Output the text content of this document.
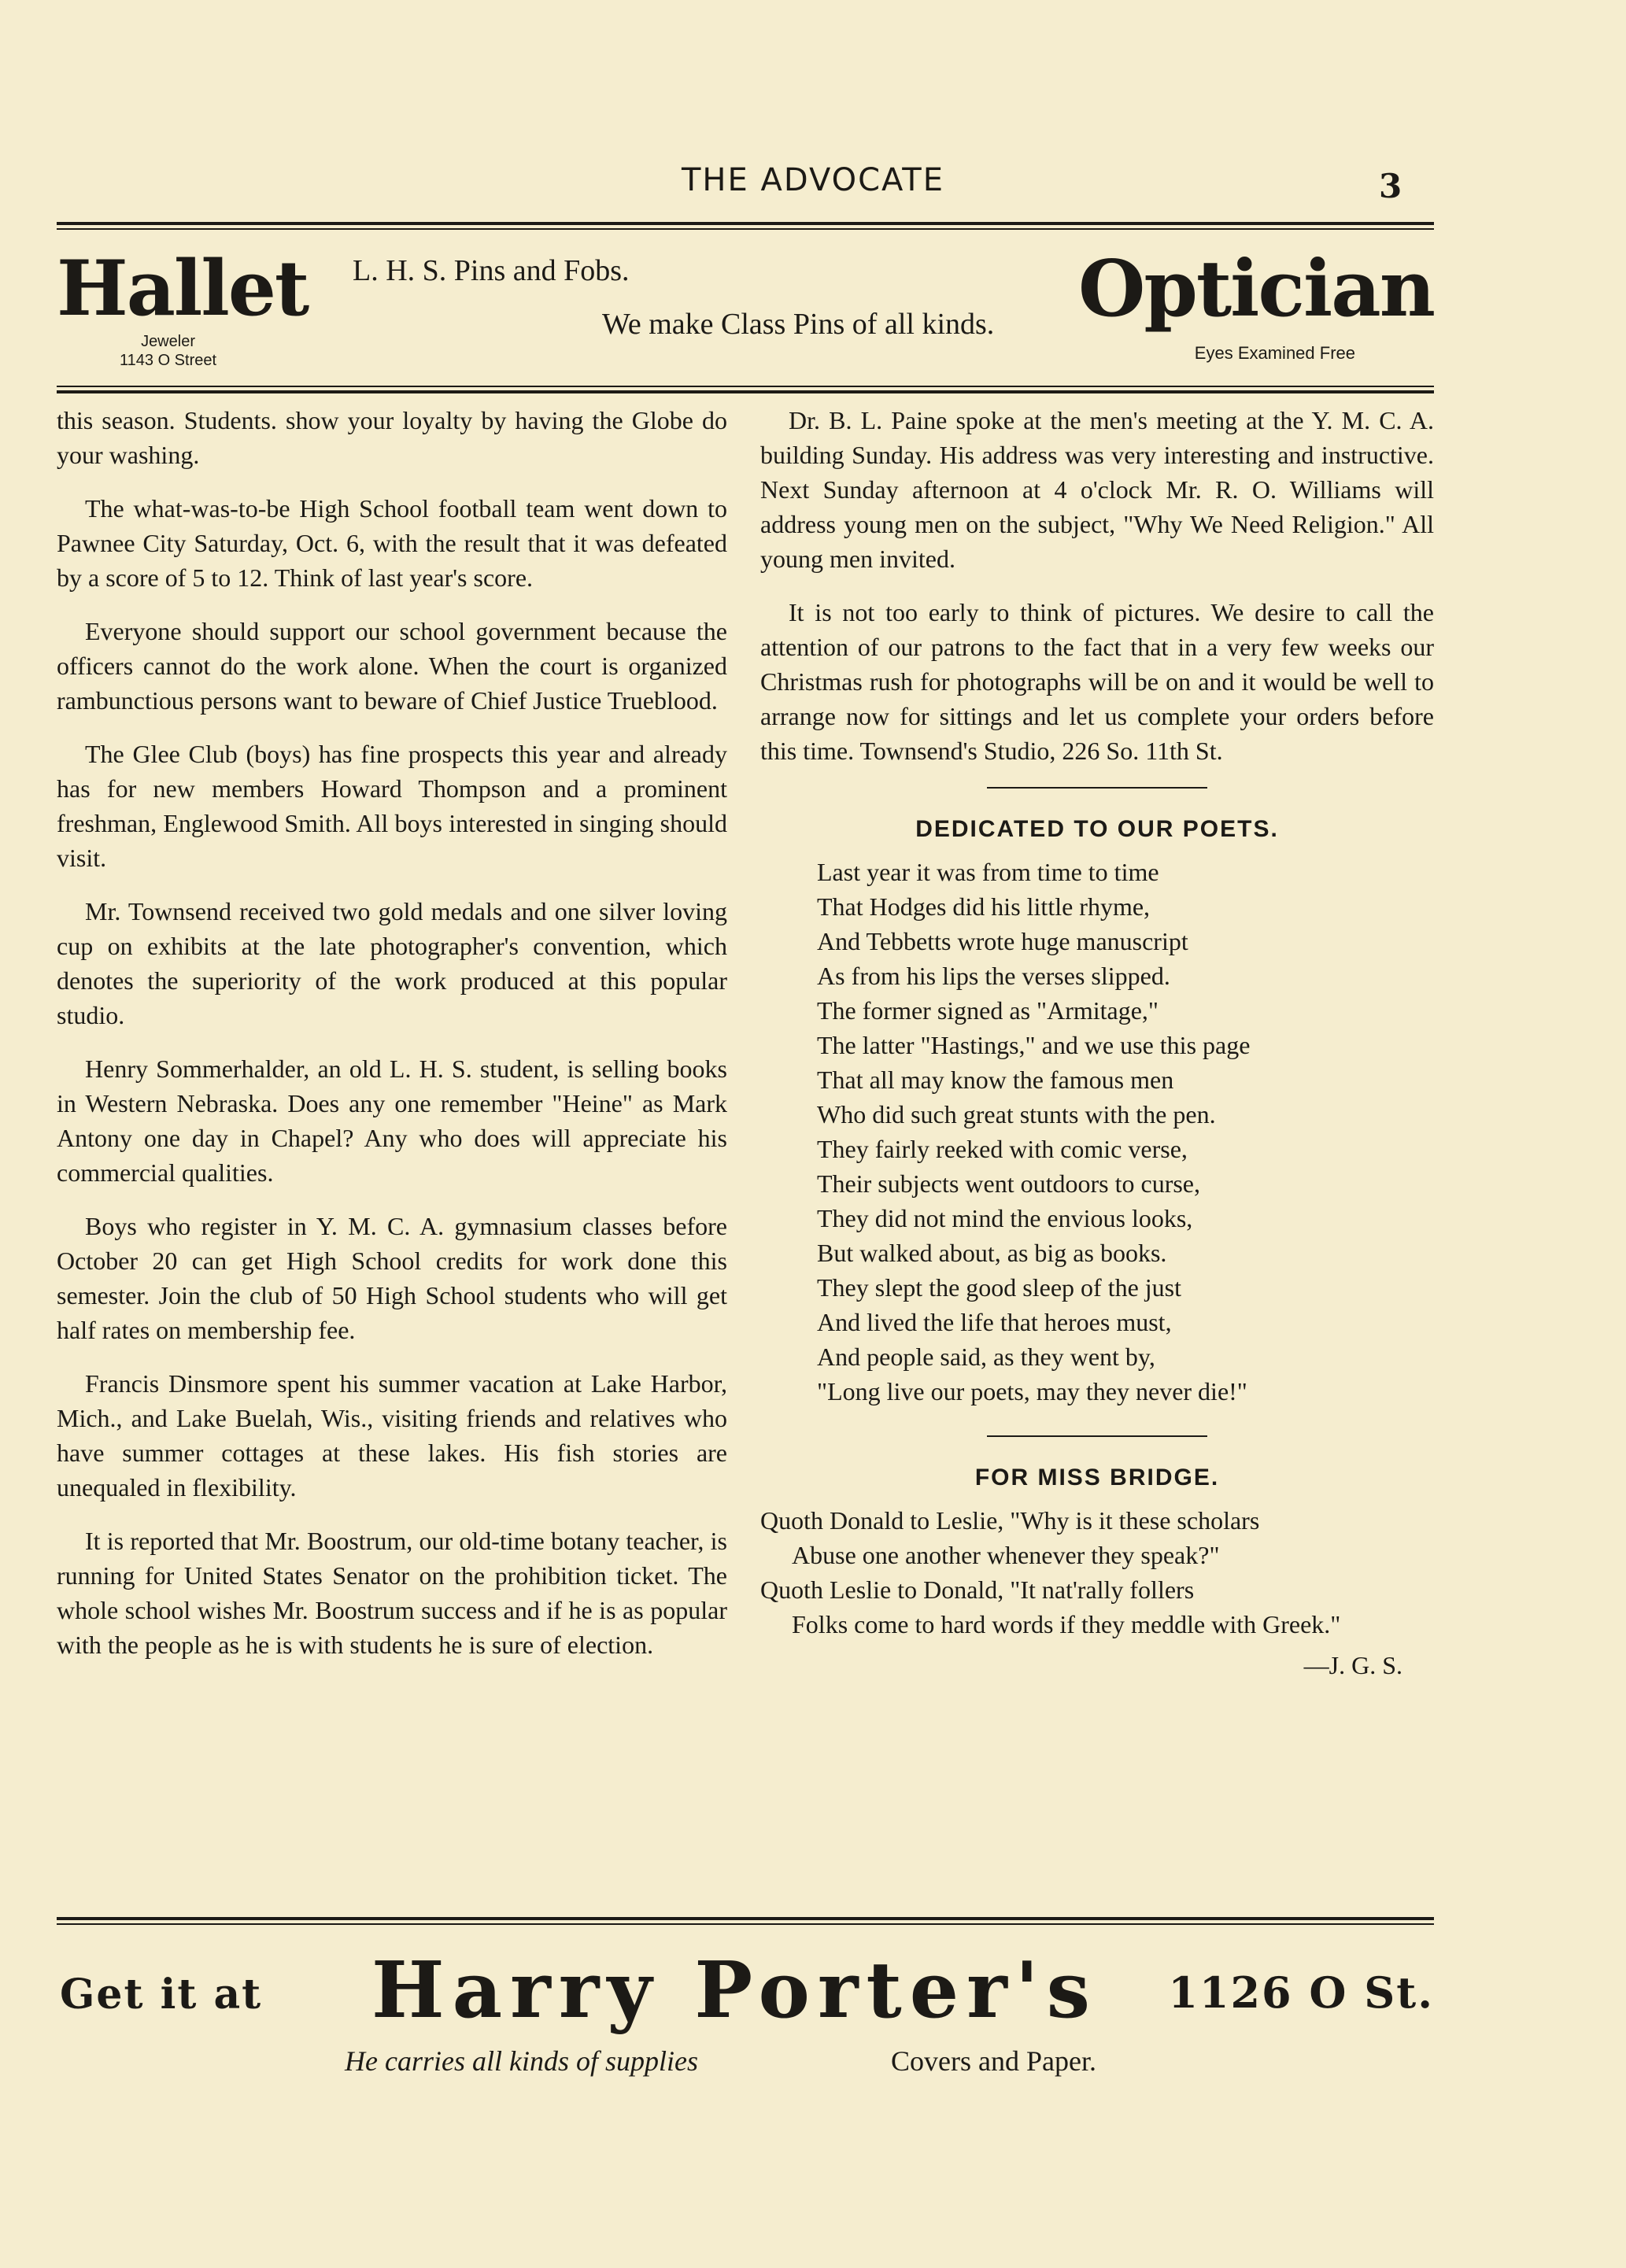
THE ADVOCATE	3
Hallet
Jeweler
1143 O Street
L. H. S. Pins and Fobs.
We make Class Pins of all kinds. Optician
Eyes Examined Free

this season. Students. show your loyalty by having the Globe do your washing.

The what-was-to-be High School football team went down to Pawnee City Saturday, Oct. 6, with the result that it was defeated by a score of 5 to 12. Think of last year's score.

Everyone should support our school government because the officers cannot do the work alone. When the court is organized rambunctious persons want to beware of Chief Justice Trueblood.

The Glee Club (boys) has fine prospects this year and already has for new members Howard Thompson and a prominent freshman, Englewood Smith. All boys interested in singing should visit.

Mr. Townsend received two gold medals and one silver loving cup on exhibits at the late photographer's convention, which denotes the superiority of the work produced at this popular studio.

Henry Sommerhalder, an old L. H. S. student, is selling books in Western Nebraska. Does any one remember "Heine" as Mark Antony one day in Chapel? Any who does will appreciate his commercial qualities.

Boys who register in Y. M. C. A. gymnasium classes before October 20 can get High School credits for work done this semester. Join the club of 50 High School students who will get half rates on membership fee.

Francis Dinsmore spent his summer vacation at Lake Harbor, Mich., and Lake Buelah, Wis., visiting friends and relatives who have summer cottages at these lakes. His fish stories are unequaled in flexibility.

It is reported that Mr. Boostrum, our old-time botany teacher, is running for United States Senator on the prohibition ticket. The whole school wishes Mr. Boostrum success and if he is as popular with the people as he is with students he is sure of election.

Dr. B. L. Paine spoke at the men's meeting at the Y. M. C. A. building Sunday. His address was very interesting and instructive. Next Sunday afternoon at 4 o'clock Mr. R. O. Williams will address young men on the subject, "Why We Need Religion." All young men invited.

It is not too early to think of pictures. We desire to call the attention of our patrons to the fact that in a very few weeks our Christmas rush for photographs will be on and it would be well to arrange now for sittings and let us complete your orders before this time. Townsend's Studio, 226 So. 11th St.

DEDICATED TO OUR POETS.
Last year it was from time to time
That Hodges did his little rhyme,
And Tebbetts wrote huge manuscript
As from his lips the verses slipped.
The former signed as "Armitage,"
The latter "Hastings," and we use this page
That all may know the famous men
Who did such great stunts with the pen.
They fairly reeked with comic verse,
Their subjects went outdoors to curse,
They did not mind the envious looks,
But walked about, as big as books.
They slept the good sleep of the just
And lived the life that heroes must,
And people said, as they went by,
"Long live our poets, may they never die!"
FOR MISS BRIDGE.
Quoth Donald to Leslie, "Why is it these scholars
Abuse one another whenever they speak?"
Quoth Leslie to Donald, "It nat'rally follers
Folks come to hard words if they meddle with Greek."
—J. G. S.
Get it at Harry Porter's 1126 O St.
He carries all kinds of supplies	Covers and Paper.
